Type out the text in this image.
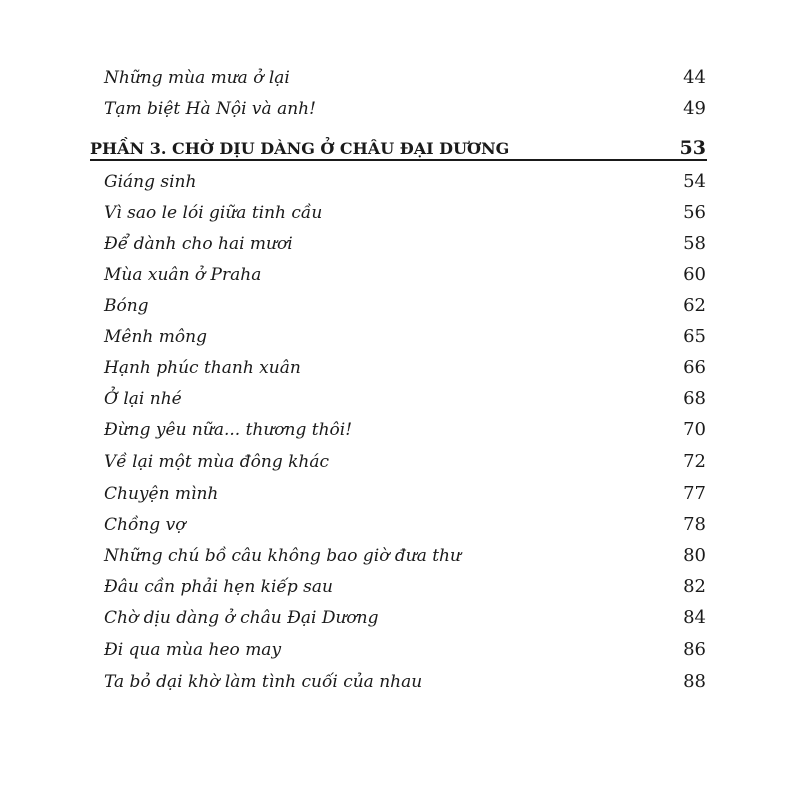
Những mùa mưa ở lại	44
Tạm biệt Hà Nội và anh!	49
PHẦN 3. CHỜ DỊU DÀNG Ở CHÂU ĐẠI DƯƠNG	53
Giáng sinh	54
Vì sao le lói giữa tinh cầu	56
Để dành cho hai mươi	58
Mùa xuân ở Praha	60
Bóng	62
Mênh mông	65
Hạnh phúc thanh xuân	66
Ở lại nhé	68
Đừng yêu nữa... thương thôi!	70
Về lại một mùa đông khác	72
Chuyện mình	77
Chồng vợ	78
Những chú bồ câu không bao giờ đưa thư	80
Đâu cần phải hẹn kiếp sau	82
Chờ dịu dàng ở châu Đại Dương	84
Đi qua mùa heo may	86
Ta bỏ dại khờ làm tình cuối của nhau	88
